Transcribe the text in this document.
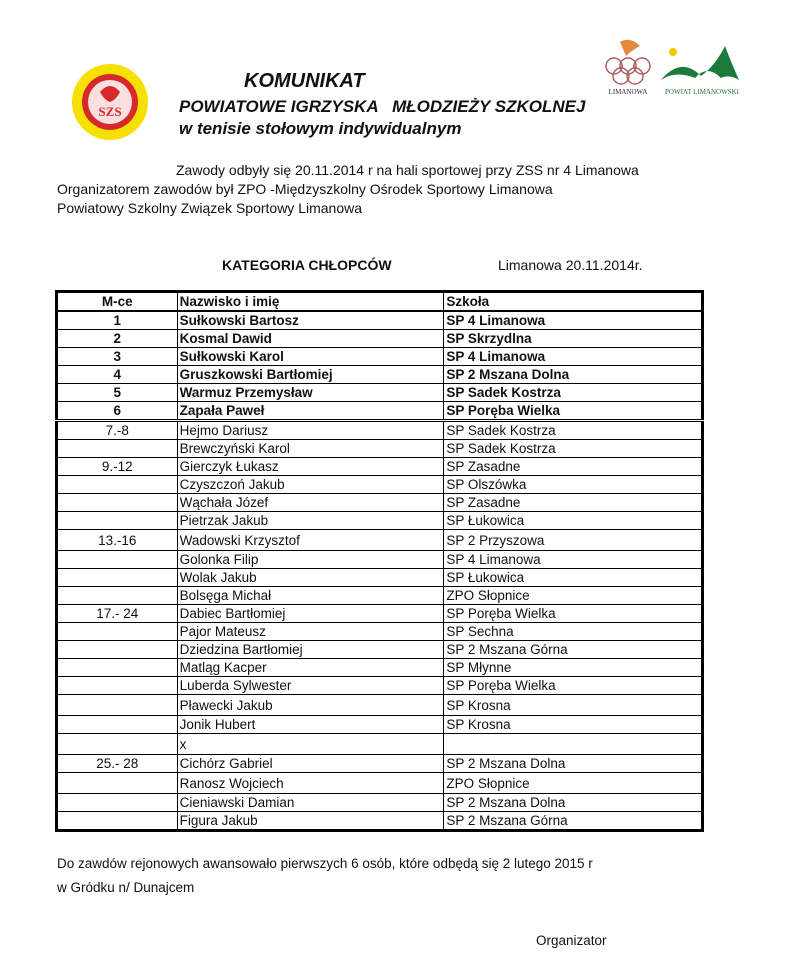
SZS
LIMANOWA	POWIAT LIMANOWSKI
KOMUNIKAT
POWIATOWE IGRZYSKA   MŁODZIEŻY SZKOLNEJ
w tenisie stołowym indywidualnym
Zawody odbyły się 20.11.2014 r na hali sportowej przy ZSS nr 4 Limanowa
Organizatorem zawodów był ZPO -Międzyszkolny Ośrodek Sportowy Limanowa
Powiatowy Szkolny Związek Sportowy Limanowa
KATEGORIA CHŁOPCÓW	Limanowa 20.11.2014r.
M-ce	Nazwisko i imię	Szkoła
1	Sułkowski Bartosz	SP 4 Limanowa
2	Kosmal Dawid	SP Skrzydlna
3	Sułkowski Karol	SP 4 Limanowa
4	Gruszkowski Bartłomiej	SP 2 Mszana Dolna
5	Warmuz Przemysław	SP Sadek Kostrza
6	Zapała Paweł	SP Poręba Wielka
7.-8	Hejmo Dariusz	SP Sadek Kostrza
	Brewczyński Karol	SP Sadek Kostrza
9.-12	Gierczyk Łukasz	SP Zasadne
	Czyszczoń Jakub	SP Olszówka
	Wąchała Józef	SP Zasadne
	Pietrzak Jakub	SP Łukowica
13.-16	Wadowski Krzysztof	SP 2 Przyszowa
	Golonka Filip	SP 4 Limanowa
	Wolak Jakub	SP Łukowica
	Bolsęga Michał	ZPO Słopnice
17.- 24	Dabiec Bartłomiej	SP Poręba Wielka
	Pajor Mateusz	SP Sechna
	Dziedzina Bartłomiej	SP 2 Mszana Górna
	Matląg Kacper	SP Młynne
	Luberda Sylwester	SP Poręba Wielka
	Pławecki Jakub	SP Krosna
	Jonik Hubert	SP Krosna
	x	
25.- 28	Cichórz Gabriel	SP 2 Mszana Dolna
	Ranosz Wojciech	ZPO Słopnice
	Cieniawski Damian	SP 2 Mszana Dolna
	Figura Jakub	SP 2 Mszana Górna
Do zawdów rejonowych awansowało pierwszych 6 osób, które odbędą się 2 lutego 2015 r
w Gródku n/ Dunajcem
Organizator
